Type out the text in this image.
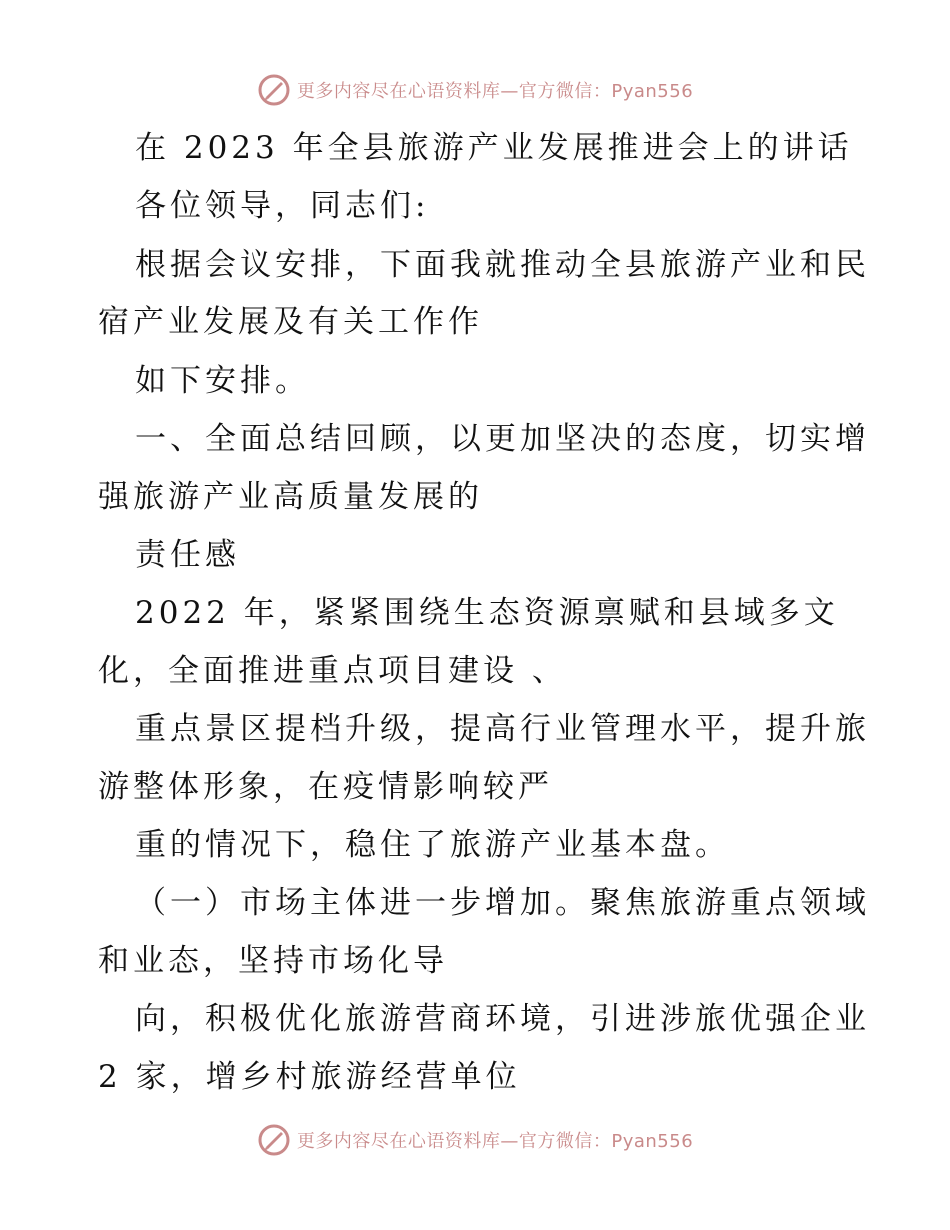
更多内容尽在心语资料库—官方微信：Pyan556
在 2023 年全县旅游产业发展推进会上的讲话
各位领导，同志们:
根据会议安排，下面我就推动全县旅游产业和民
宿产业发展及有关工作作
如下安排。
一、全面总结回顾，以更加坚决的态度，切实增
强旅游产业高质量发展的
责任感
2022 年，紧紧围绕生态资源禀赋和县域多文
化，全面推进重点项目建设 、
重点景区提档升级，提高行业管理水平，提升旅
游整体形象，在疫情影响较严
重的情况下，稳住了旅游产业基本盘。
（一）市场主体进一步增加。聚焦旅游重点领域
和业态，坚持市场化导
向，积极优化旅游营商环境，引进涉旅优强企业
2 家，增乡村旅游经营单位
更多内容尽在心语资料库—官方微信：Pyan556
